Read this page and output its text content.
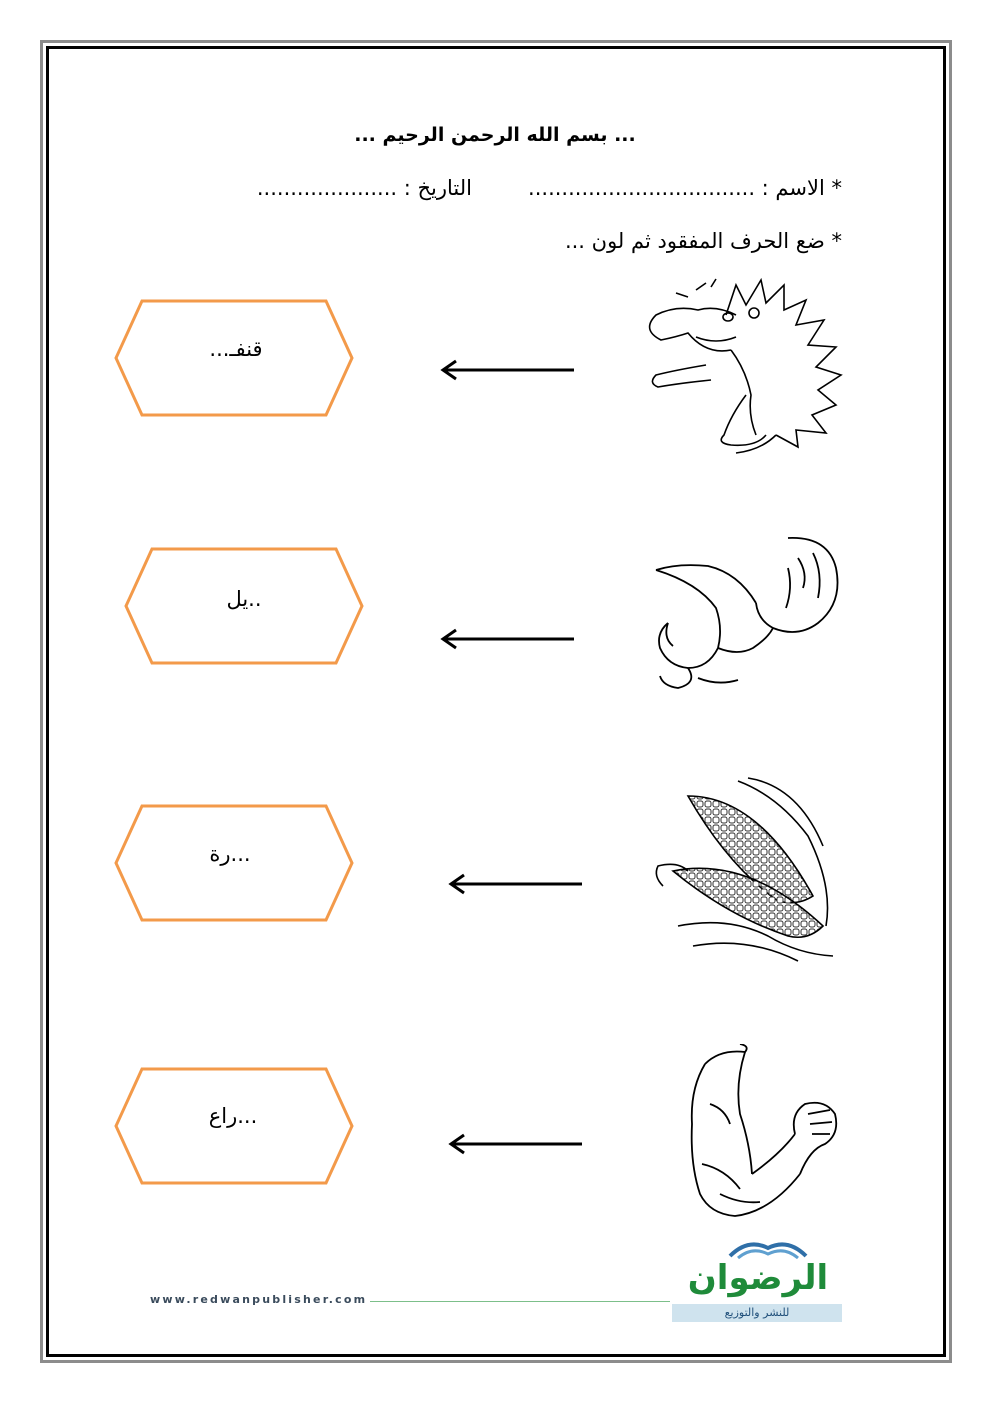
... بسم الله الرحمن الرحيم ...
* الاسم : ..................................
التاريخ : .....................
* ضع الحرف المفقود ثم لون ...
قنفـ...
..يل
...رة
...راع
www.redwanpublisher.com
الرضوان
للنشر والتوزيع
